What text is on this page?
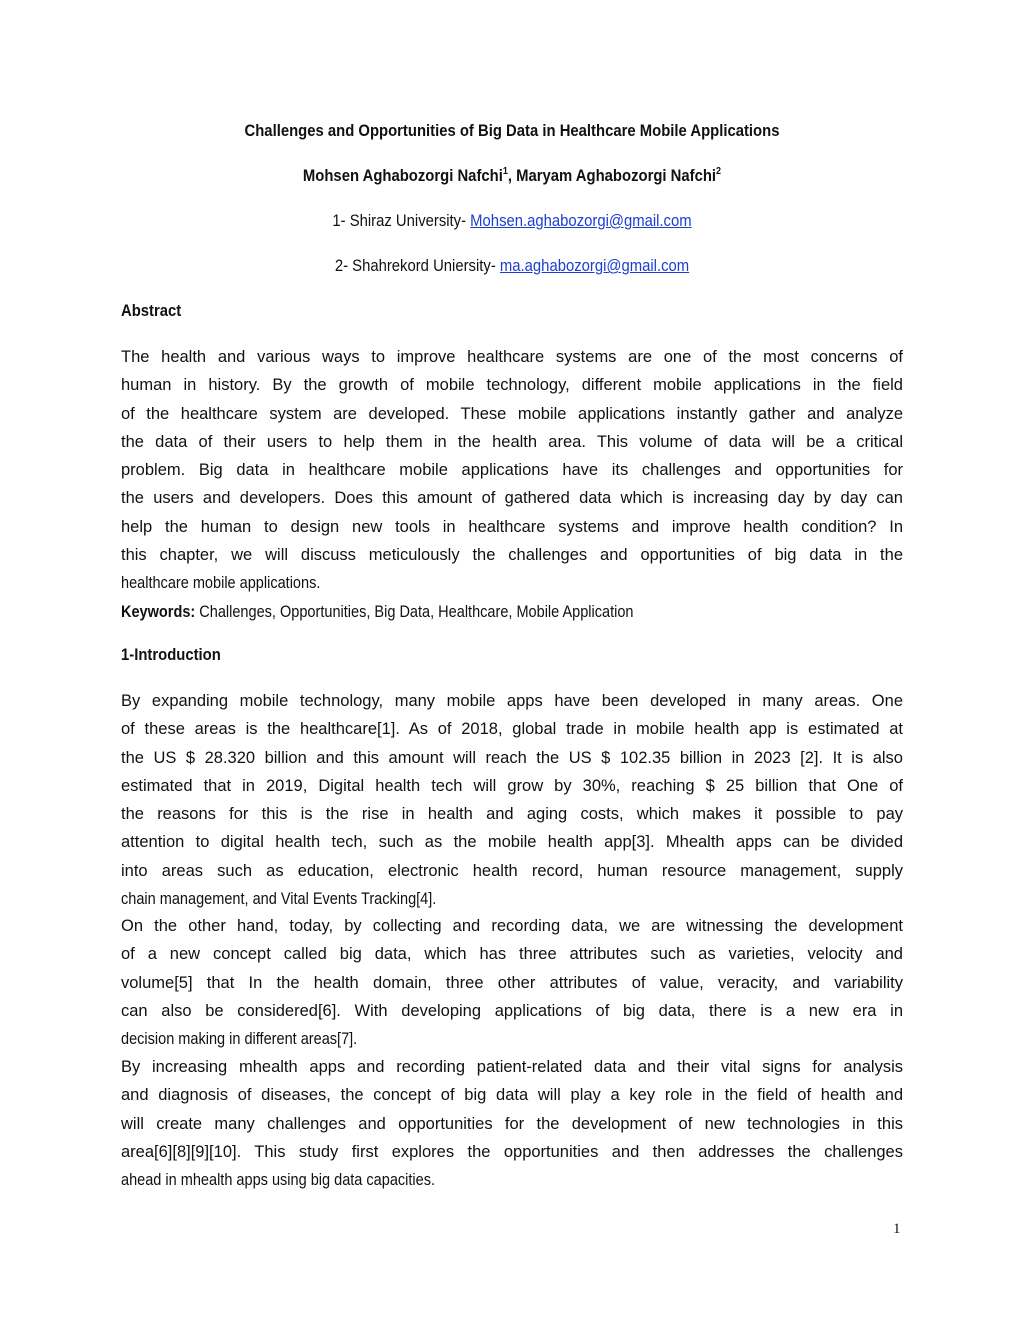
Challenges and Opportunities of Big Data in Healthcare Mobile Applications
Mohsen Aghabozorgi Nafchi$^1$, Maryam Aghabozorgi Nafchi$^2$
1- Shiraz University- Mohsen.aghabozorgi@gmail.com
2- Shahrekord Uniersity- ma.aghabozorgi@gmail.com
Abstract
The health and various ways to improve healthcare systems are one of the most concerns of
human in history. By the growth of mobile technology, different mobile applications in the field
of the healthcare system are developed. These mobile applications instantly gather and analyze
the data of their users to help them in the health area. This volume of data will be a critical
problem. Big data in healthcare mobile applications have its challenges and opportunities for
the users and developers. Does this amount of gathered data which is increasing day by day can
help the human to design new tools in healthcare systems and improve health condition? In
this chapter, we will discuss meticulously the challenges and opportunities of big data in the
healthcare mobile applications.
Keywords: Challenges, Opportunities, Big Data, Healthcare, Mobile Application
1-Introduction
By expanding mobile technology, many mobile apps have been developed in many areas. One
of these areas is the healthcare[1]. As of 2018, global trade in mobile health app is estimated at
the US $ 28.320 billion and this amount will reach the US $ 102.35 billion in 2023 [2]. It is also
estimated that in 2019, Digital health tech will grow by 30%, reaching $ 25 billion that One of
the reasons for this is the rise in health and aging costs, which makes it possible to pay
attention to digital health tech, such as the mobile health app[3]. Mhealth apps can be divided
into areas such as education, electronic health record, human resource management, supply
chain management, and Vital Events Tracking[4].
On the other hand, today, by collecting and recording data, we are witnessing the development
of a new concept called big data, which has three attributes such as varieties, velocity and
volume[5] that In the health domain, three other attributes of value, veracity, and variability
can also be considered[6]. With developing applications of big data, there is a new era in
decision making in different areas[7].
By increasing mhealth apps and recording patient-related data and their vital signs for analysis
and diagnosis of diseases, the concept of big data will play a key role in the field of health and
will create many challenges and opportunities for the development of new technologies in this
area[6][8][9][10]. This study first explores the opportunities and then addresses the challenges
ahead in mhealth apps using big data capacities.
1
